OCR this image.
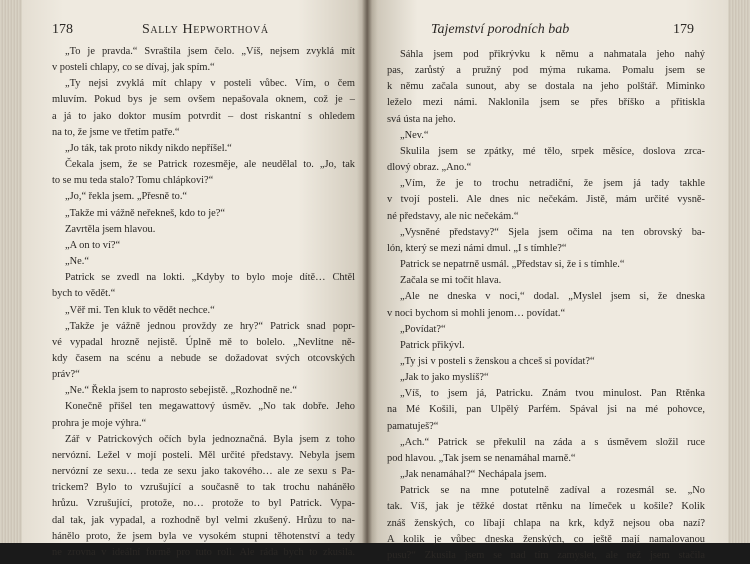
178	Sally Hepworthová
„To je pravda.“ Svraštila jsem čelo. „Víš, nejsem zvyklá mít
v posteli chlapy, co se dívaj, jak spím.“
„Ty nejsi zvyklá mít chlapy v posteli vůbec. Vím, o čem
mluvím. Pokud bys je sem ovšem nepašovala oknem, což je –
a já to jako doktor musím potvrdit – dost riskantní s ohledem
na to, že jsme ve třetím patře.“
„Jo ták, tak proto nikdy nikdo nepříšel.“
Čekala jsem, že se Patrick rozesměje, ale neudělal to. „Jo, tak
to se mu teda stalo? Tomu chlápkovi?“
„Jo,“ řekla jsem. „Přesně to.“
„Takže mi vážně neřekneš, kdo to je?“
Zavrtěla jsem hlavou.
„A on to ví?“
„Ne.“
Patrick se zvedl na lokti. „Kdyby to bylo moje dítě… Chtěl
bych to vědět.“
„Věř mi. Ten kluk to vědět nechce.“
„Takže je vážně jednou provždy ze hry?“ Patrick snad popr-
vé vypadal hrozně nejistě. Úplně mě to bolelo. „Nevlítne ně-
kdy časem na scénu a nebude se dožadovat svých otcovských
práv?“
„Ne.“ Řekla jsem to naprosto sebejistě. „Rozhodně ne.“
Konečně přišel ten megawattový úsměv. „No tak dobře. Jeho
prohra je moje výhra.“
Zář v Patrickových očích byla jednoznačná. Byla jsem z toho
nervózní. Ležel v mojí posteli. Měl určité představy. Nebyla jsem
nervózní ze sexu… teda ze sexu jako takového… ale ze sexu s Pa-
trickem? Bylo to vzrušující a současně to tak trochu naháněło
hrůzu. Vzrušující, protože, no… protože to byl Patrick. Vypa-
dal tak, jak vypadal, a rozhodně byl velmi zkušený. Hrůzu to na-
hánělo proto, že jsem byla ve vysokém stupni těhotenství a tedy
ne zrovna v ideální formě pro tuto roli. Ale ráda bych to zkusila.
Tajemství porodních bab	179
Sáhla jsem pod přikrývku k němu a nahmatala jeho nahý
pas, zarůstý a pružný pod mýma rukama. Pomalu jsem se
k němu začala sunout, aby se dostala na jeho polštář. Miminko
leželo mezi námi. Naklonila jsem se přes bříško a přitiskla
svá ústa na jeho.
„Nev.“
Skulila jsem se zpátky, mé tělo, srpek měsíce, doslova zrca-
dlový obraz. „Ano.“
„Vím, že je to trochu netradiční, že jsem já tady takhle
v tvojí posteli. Ale dnes nic nečekám. Jistě, mám určité vysně-
né představy, ale nic nečekám.“
„Vysněné představy?“ Sjela jsem očima na ten obrovský ba-
lón, který se mezi námi dmul. „I s tímhle?“
Patrick se nepatrně usmál. „Představ si, že i s tímhle.“
Začala se mi točit hlava.
„Ale ne dneska v noci,“ dodal. „Myslel jsem si, že dneska
v noci bychom si mohli jenom… povídat.“
„Povídat?“
Patrick přikývl.
„Ty jsi v posteli s ženskou a chceš si povídat?“
„Jak to jako myslíš?“
„Víš, to jsem já, Patricku. Znám tvou minulost. Pan Rtěnka
na Mé Košili, pan Ulpělý Parfém. Spával jsi na mé pohovce,
pamatuješ?“
„Ach.“ Patrick se překulil na záda a s úsměvem složil ruce
pod hlavou. „Tak jsem se nenamáhal marně.“
„Jak nenamáhal?“ Nechápala jsem.
Patrick se na mne potutelně zadíval a rozesmál se. „No
tak. Víš, jak je těžké dostat rtěnku na límeček u košile? Kolik
znáš ženských, co líbají chlapa na krk, když nejsou oba nazí?
A kolik je vůbec dneska ženských, co ještě mají namalovanou
pusu?“ Zkusila jsem se nad tím zamyslet, ale než jsem stačila
